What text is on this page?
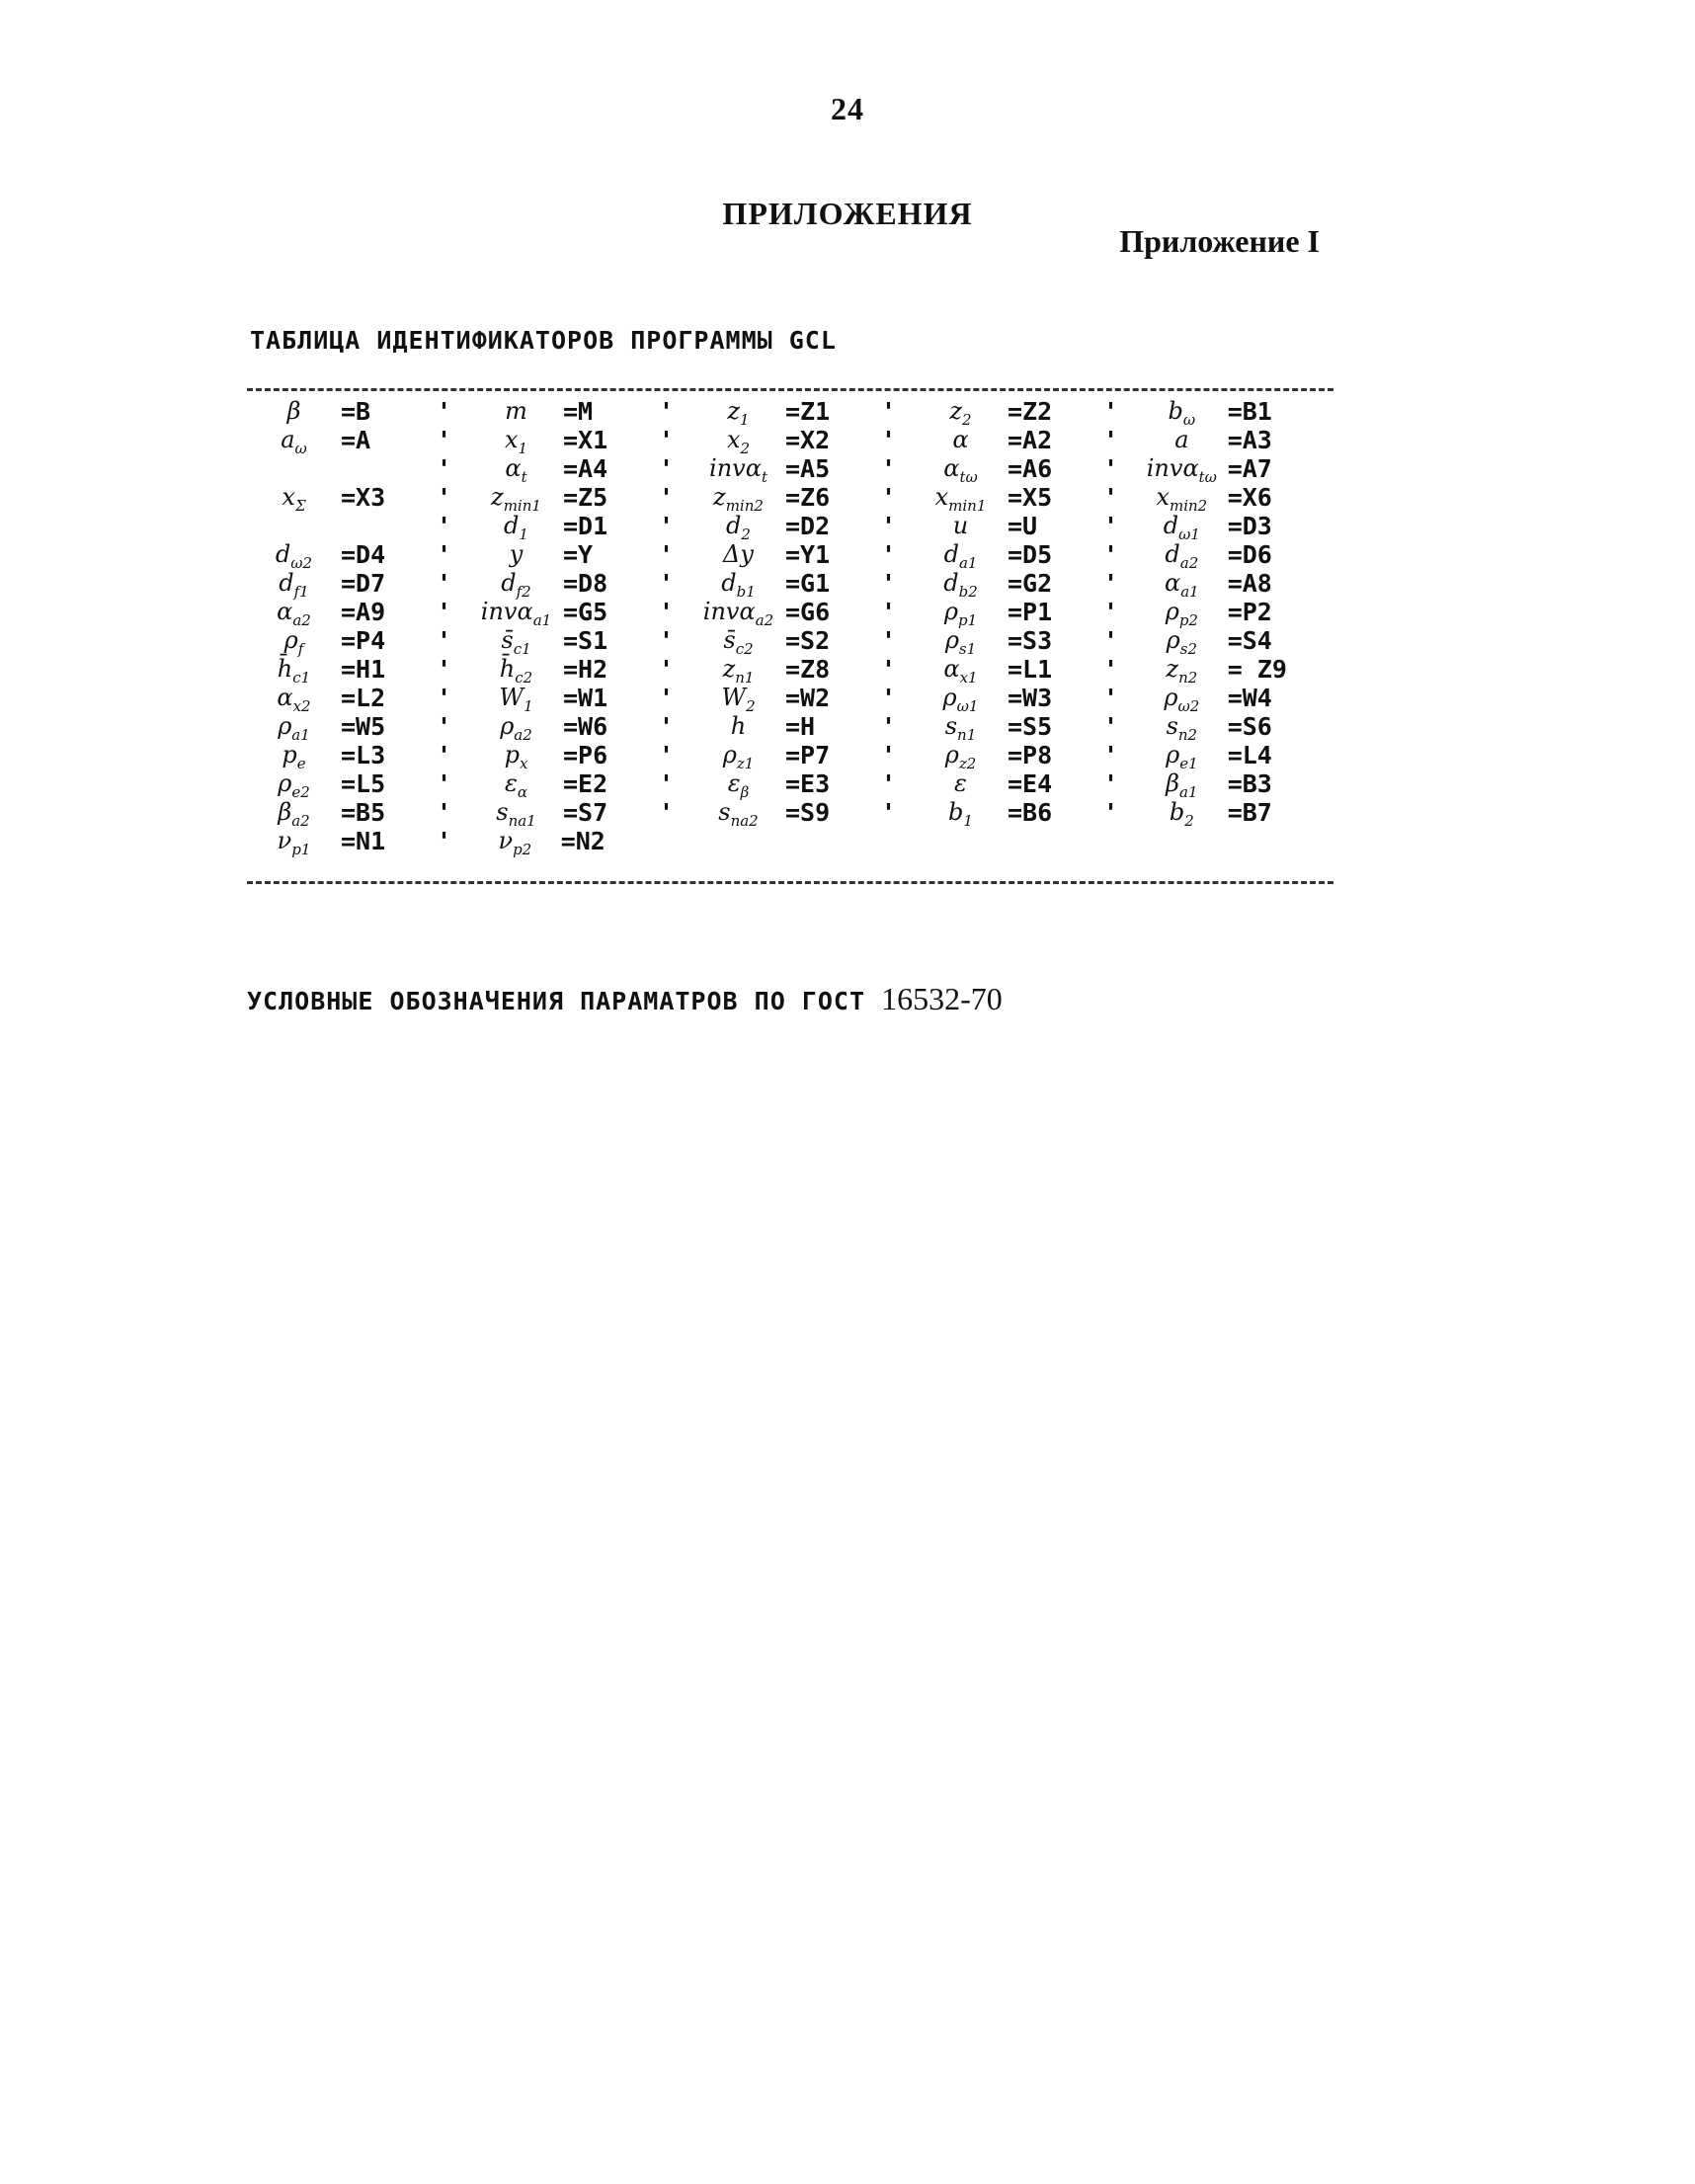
24
ПРИЛОЖЕНИЯ
Приложение I
ТАБЛИЦА ИДЕНТИФИКАТОРОВ ПРОГРАММЫ GCL
β	=B	'	m	=M	'	$z_1$	=Z1	'	$z_2$	=Z2	'	$b_\omega$	=B1
$a_\omega$	=A	'	$x_1$	=X1	'	$x_2$	=X2	'	α	=A2	'	a	=A3
'	$\alpha_t$	=A4	'	invα$_t$ =A5	'	$\alpha_{t\omega}$	=A6	'	invα$_{t\omega}$ =A7
$x_\Sigma$	=X3	'	$z_{min1} =Z5$	'	$z_{min2} =Z6$	'	$x_{min1} =X5$	'	$x_{min2} =X6$
'	$d_1$	=D1	'	$d_2$	=D2	'	u	=U	'	$d_{\omega 1}$	=D3
$d_{\omega 2}$	=D4	'	y	=Y	'	Δy	=Y1	'	$d_{a1}$	=D5	'	$d_{a2}$	=D6
$d_{f1}$	=D7	'	$d_{f2}$	=D8	'	$d_{b1}$	=G1	'	$d_{b2}$	=G2	'	$\alpha_{a1}$	=A8
$\alpha_{a2}$	=A9	'	invα$_{a1}$ =G5	'	invα$_{a2}$ =G6	'	$\rho_{p1}$	=P1	'	$\rho_{p2}$	=P2
$\rho_f$	=P4	'	$s̄_{c1}$	=S1	'	$s̄_{c2}$	=S2	'	$\rho_{s1}$	=S3	'	$\rho_{s2}$	=S4
$h̄_{c1}$	=H1	'	$h̄_{c2}$	=H2	'	$z_{n1}$	=Z8	'	$\alpha_{x1}$	=L1	'	$z_{n2}$	= Z9
$\alpha_{x2}$	=L2	'	$W_1$	=W1	'	$W_2$	=W2	'	$\rho_{\omega 1}$	=W3	'	$\rho_{\omega 2}$	=W4
$\rho_{a1}$	=W5	'	$\rho_{a2}$	=W6	'	h	=H	'	$s_{n1}$	=S5	'	$s_{n2}$	=S6
$p_e$	=L3	'	$p_x$	=P6	'	$\rho_{z1}$	=P7	'	$\rho_{z2}$	=P8	'	$\rho_{e1}$	=L4
$\rho_{e2}$	=L5	'	$\varepsilon_\alpha$	=E2	'	$\varepsilon_\beta$	=E3	'	ε	=E4	'	$\beta_{a1}$	=B3
$\beta_{a2}$	=B5	'	$s_{na1}$	=S7	'	$s_{na2}$	=S9	'	$b_1$	=B6	'	$b_2$	=B7
$\nu_{p1}$	=N1	'	$\nu_{p2}$	=N2
УСЛОВНЫЕ ОБОЗНАЧЕНИЯ ПАРАМАТРОВ ПО ГОСТ 16532-70
